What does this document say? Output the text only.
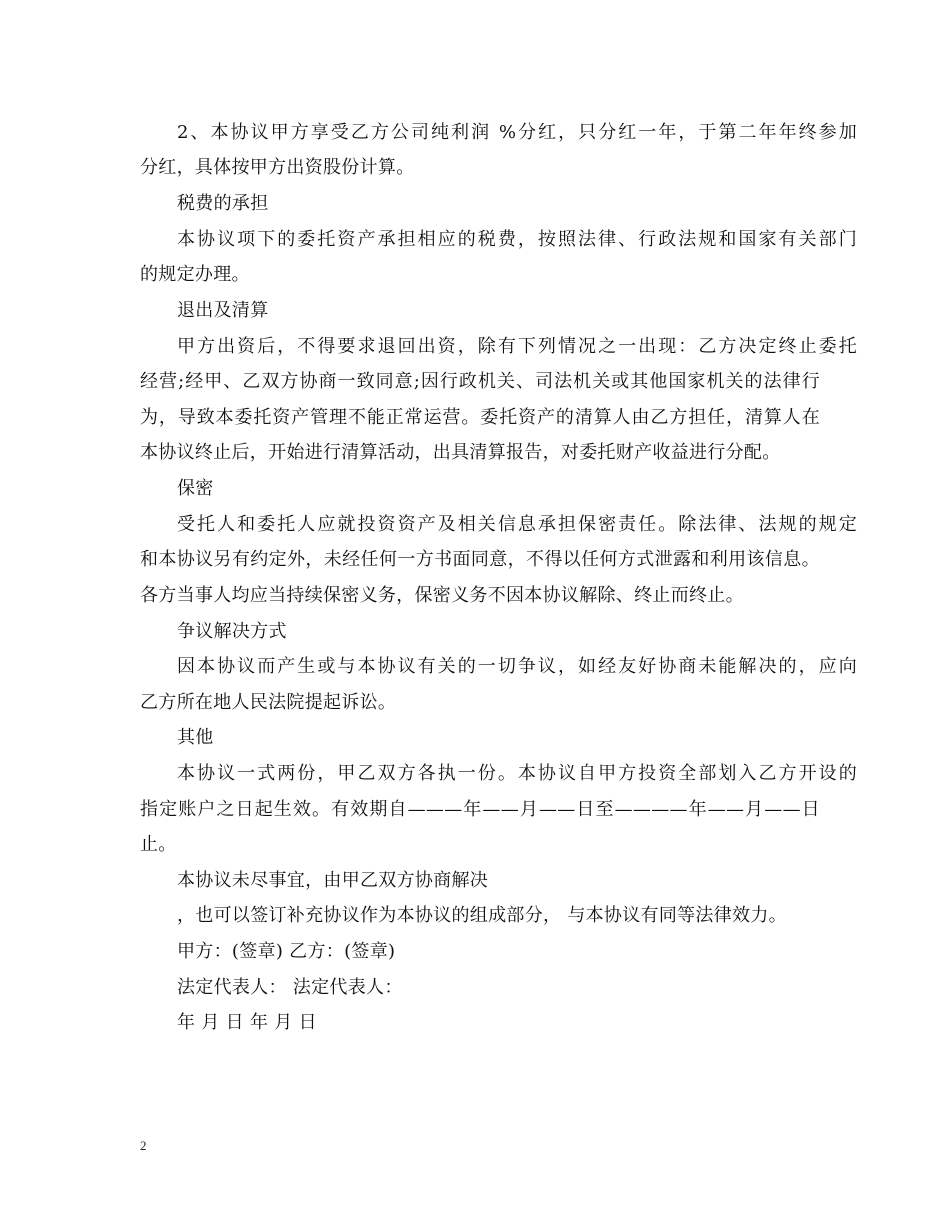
2、本协议甲方享受乙方公司纯利润 %分红，只分红一年，于第二年年终参加
分红，具体按甲方出资股份计算。
税费的承担
本协议项下的委托资产承担相应的税费，按照法律、行政法规和国家有关部门
的规定办理。
退出及清算
甲方出资后，不得要求退回出资，除有下列情况之一出现：乙方决定终止委托
经营;经甲、乙双方协商一致同意;因行政机关、司法机关或其他国家机关的法律行
为，导致本委托资产管理不能正常运营。委托资产的清算人由乙方担任，清算人在
本协议终止后，开始进行清算活动，出具清算报告，对委托财产收益进行分配。
保密
受托人和委托人应就投资资产及相关信息承担保密责任。除法律、法规的规定
和本协议另有约定外，未经任何一方书面同意，不得以任何方式泄露和利用该信息。
各方当事人均应当持续保密义务，保密义务不因本协议解除、终止而终止。
争议解决方式
因本协议而产生或与本协议有关的一切争议，如经友好协商未能解决的，应向
乙方所在地人民法院提起诉讼。
其他
本协议一式两份，甲乙双方各执一份。本协议自甲方投资全部划入乙方开设的
指定账户之日起生效。有效期自———年——月——日至————年——月——日
止。
本协议未尽事宜，由甲乙双方协商解决
，也可以签订补充协议作为本协议的组成部分， 与本协议有同等法律效力。
甲方：(签章) 乙方：(签章)
法定代表人： 法定代表人：
年 月 日 年 月 日
2
